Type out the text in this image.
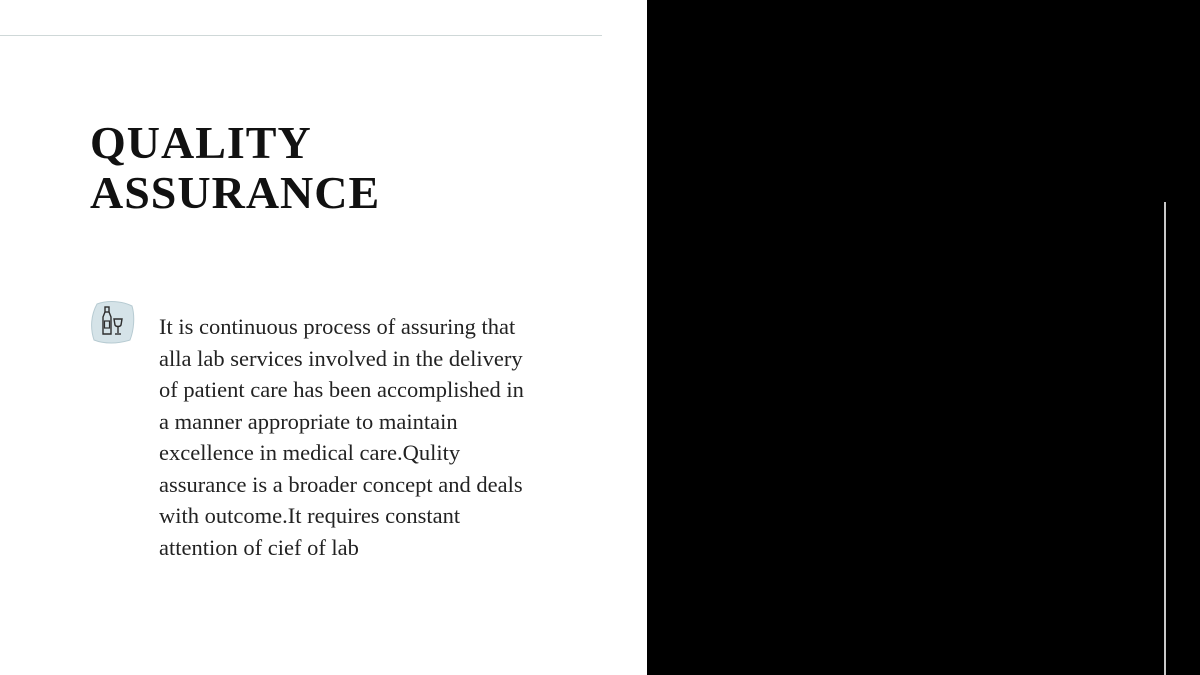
QUALITY
ASSURANCE

It is continuous process of assuring that
alla lab services involved in the delivery
of patient care has been accomplished in
a manner appropriate to maintain
excellence in medical care.Qulity
assurance is a broader concept and deals
with outcome.It requires constant
attention of cief of lab
